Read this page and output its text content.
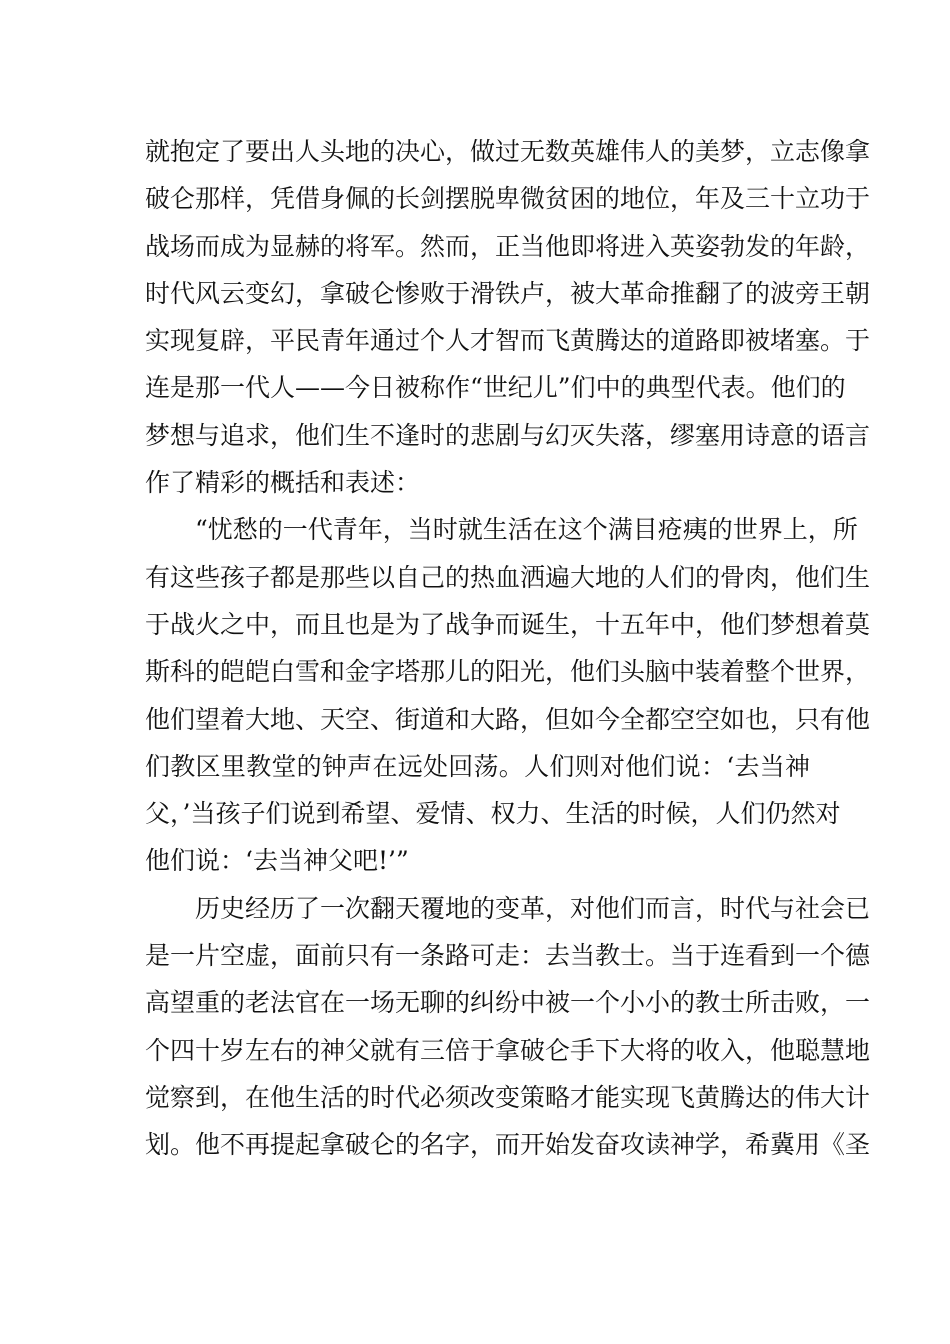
就抱定了要出人头地的决心，做过无数英雄伟人的美梦，立志像拿
破仑那样，凭借身佩的长剑摆脱卑微贫困的地位，年及三十立功于
战场而成为显赫的将军。然而，正当他即将进入英姿勃发的年龄，
时代风云变幻，拿破仑惨败于滑铁卢，被大革命推翻了的波旁王朝
实现复辟，平民青年通过个人才智而飞黄腾达的道路即被堵塞。于
连是那一代人——今日被称作“世纪儿”们中的典型代表。他们的
梦想与追求，他们生不逢时的悲剧与幻灭失落，缪塞用诗意的语言
作了精彩的概括和表述：
“忧愁的一代青年，当时就生活在这个满目疮痍的世界上，所
有这些孩子都是那些以自己的热血洒遍大地的人们的骨肉，他们生
于战火之中，而且也是为了战争而诞生，十五年中，他们梦想着莫
斯科的皑皑白雪和金字塔那儿的阳光，他们头脑中装着整个世界，
他们望着大地、天空、街道和大路，但如今全都空空如也，只有他
们教区里教堂的钟声在远处回荡。人们则对他们说：‘去当神
父，’当孩子们说到希望、爱情、权力、生活的时候，人们仍然对
他们说：‘去当神父吧!’”
历史经历了一次翻天覆地的变革，对他们而言，时代与社会已
是一片空虚，面前只有一条路可走：去当教士。当于连看到一个德
高望重的老法官在一场无聊的纠纷中被一个小小的教士所击败，一
个四十岁左右的神父就有三倍于拿破仑手下大将的收入，他聪慧地
觉察到，在他生活的时代必须改变策略才能实现飞黄腾达的伟大计
划。他不再提起拿破仑的名字，而开始发奋攻读神学，希冀用《圣
